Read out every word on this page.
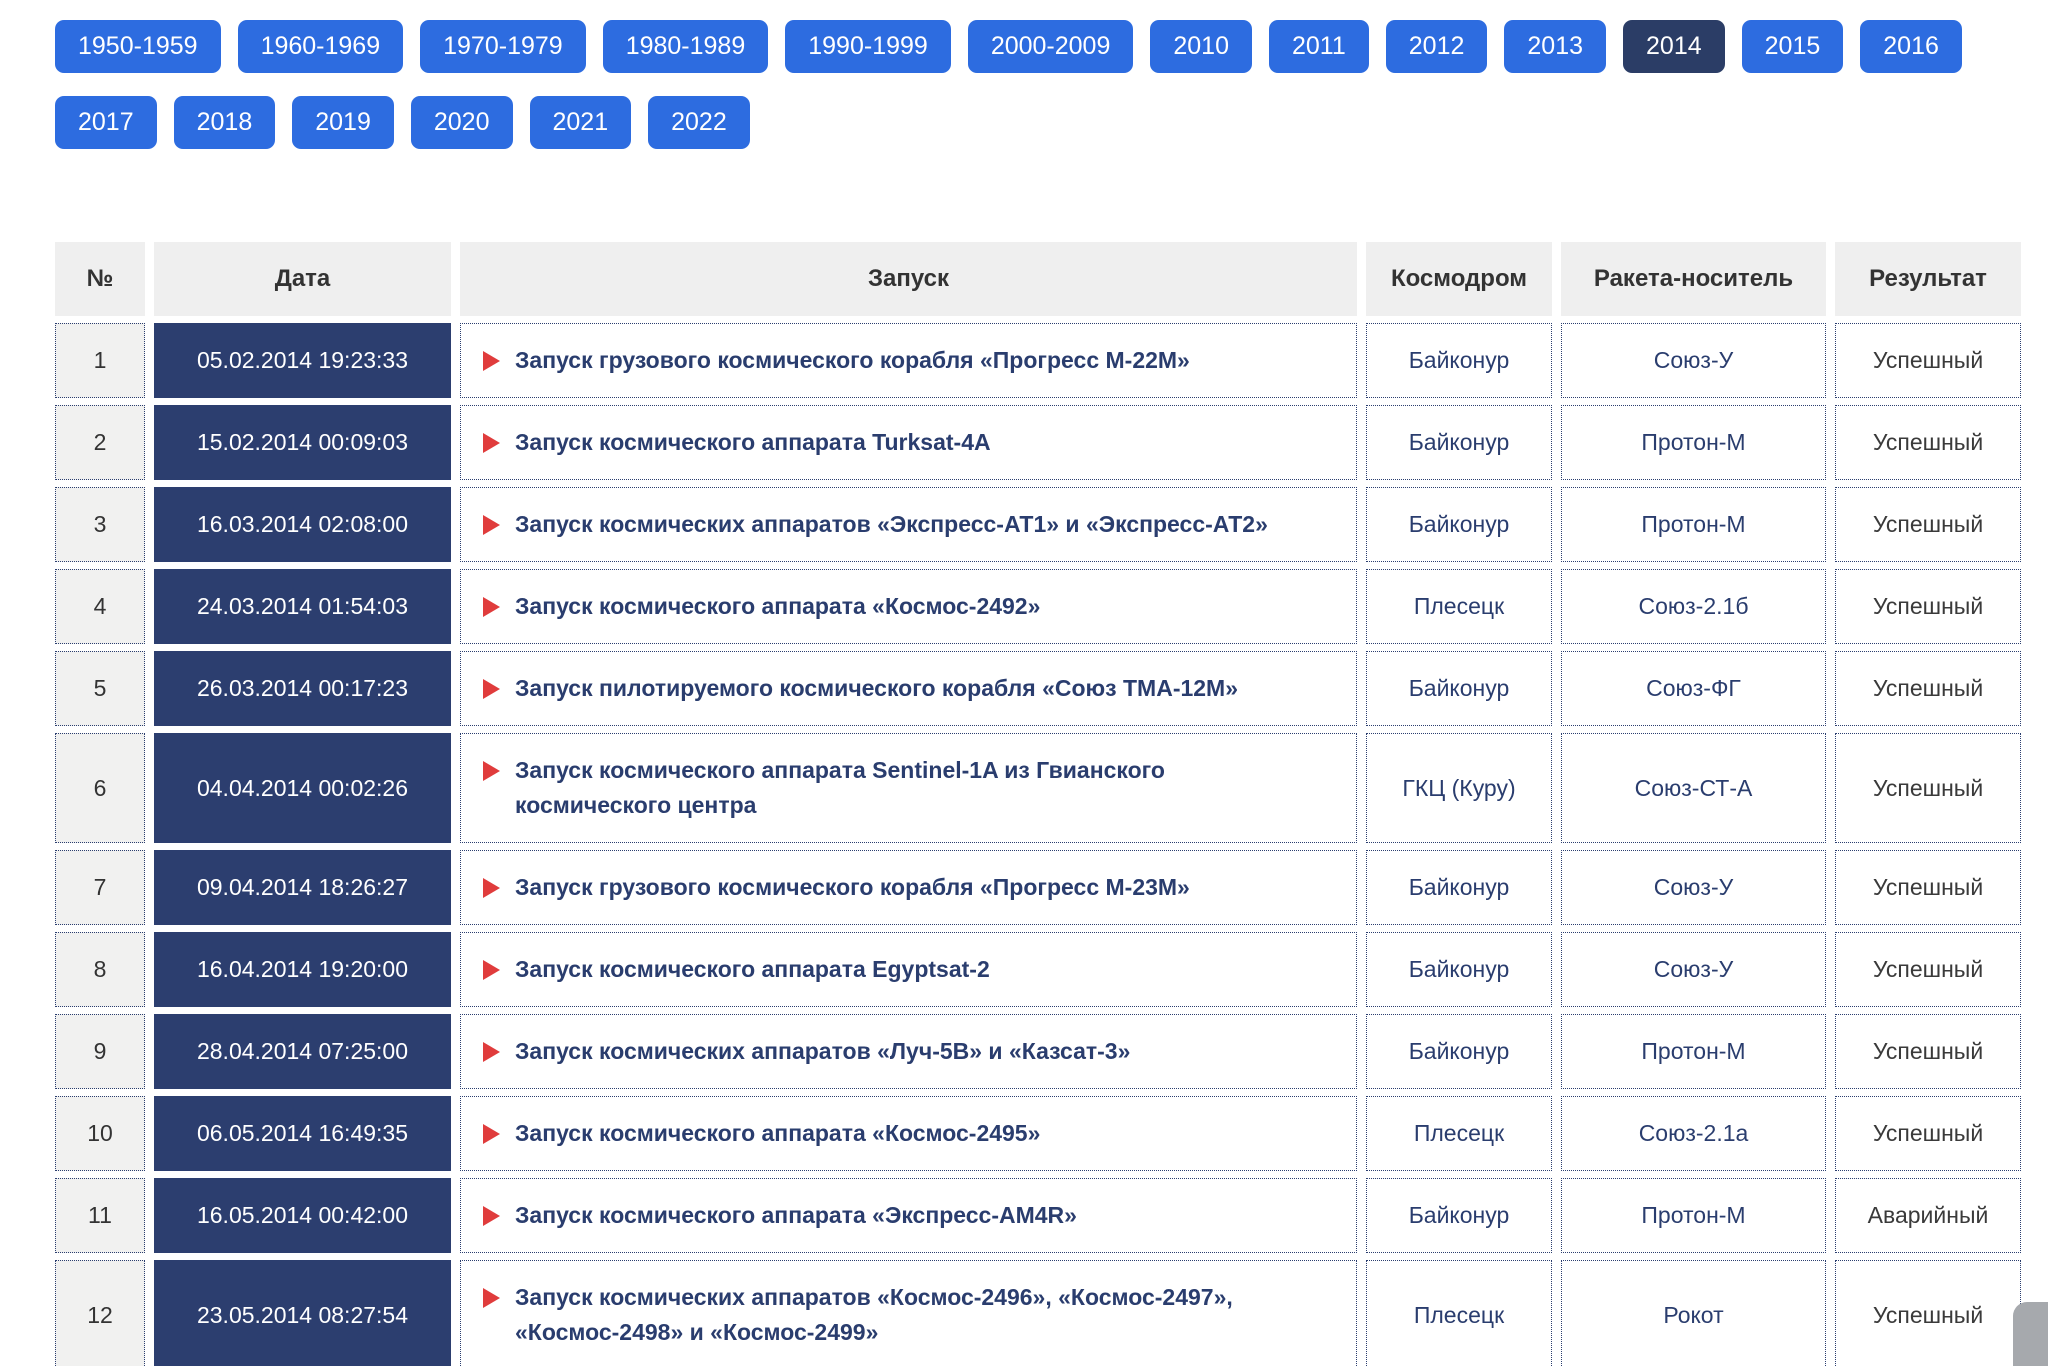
1950-1959	1960-1969	1970-1979	1980-1989	1990-1999	2000-2009	2010	2011	2012	2013	2014	2015	2016
2017	2018	2019	2020	2021	2022
№	Дата	Запуск	Космодром	Ракета-носитель	Результат
1	05.02.2014 19:23:33	Запуск грузового космического корабля «Прогресс М-22М»	Байконур	Союз-У	Успешный
2	15.02.2014 00:09:03	Запуск космического аппарата Turksat-4A	Байконур	Протон-М	Успешный
3	16.03.2014 02:08:00	Запуск космических аппаратов «Экспресс-АТ1» и «Экспресс-АТ2»	Байконур	Протон-М	Успешный
4	24.03.2014 01:54:03	Запуск космического аппарата «Космос-2492»	Плесецк	Союз-2.1б	Успешный
5	26.03.2014 00:17:23	Запуск пилотируемого космического корабля «Союз ТМА-12М»	Байконур	Союз-ФГ	Успешный
6	04.04.2014 00:02:26	Запуск космического аппарата Sentinel-1A из Гвианского космического центра	ГКЦ (Куру)	Союз-СТ-А	Успешный
7	09.04.2014 18:26:27	Запуск грузового космического корабля «Прогресс М-23М»	Байконур	Союз-У	Успешный
8	16.04.2014 19:20:00	Запуск космического аппарата Egyptsat-2	Байконур	Союз-У	Успешный
9	28.04.2014 07:25:00	Запуск космических аппаратов «Луч-5В» и «Казсат-3»	Байконур	Протон-М	Успешный
10	06.05.2014 16:49:35	Запуск космического аппарата «Космос-2495»	Плесецк	Союз-2.1а	Успешный
11	16.05.2014 00:42:00	Запуск космического аппарата «Экспресс-АМ4R»	Байконур	Протон-М	Аварийный
12	23.05.2014 08:27:54	Запуск космических аппаратов «Космос-2496», «Космос-2497», «Космос-2498» и «Космос-2499»	Плесецк	Рокот	Успешный
